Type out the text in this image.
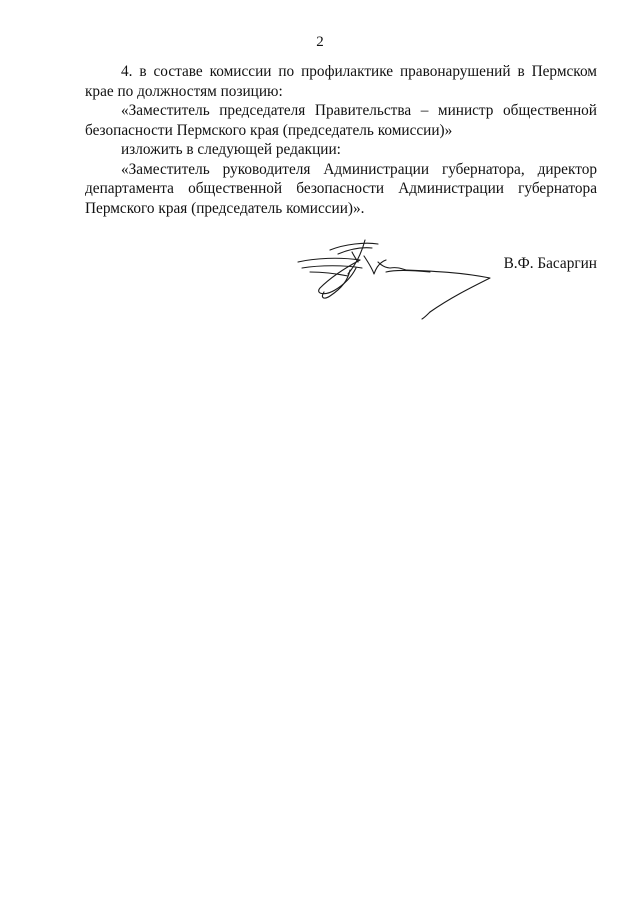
2

4. в составе комиссии по профилактике правонарушений в Пермском крае по должностям позицию:

«Заместитель председателя Правительства – министр общественной безопасности Пермского края (председатель комиссии)»

изложить в следующей редакции:

«Заместитель руководителя Администрации губернатора, директор департамента общественной безопасности Администрации губернатора Пермского края (председатель комиссии)».

В.Ф. Басаргин
